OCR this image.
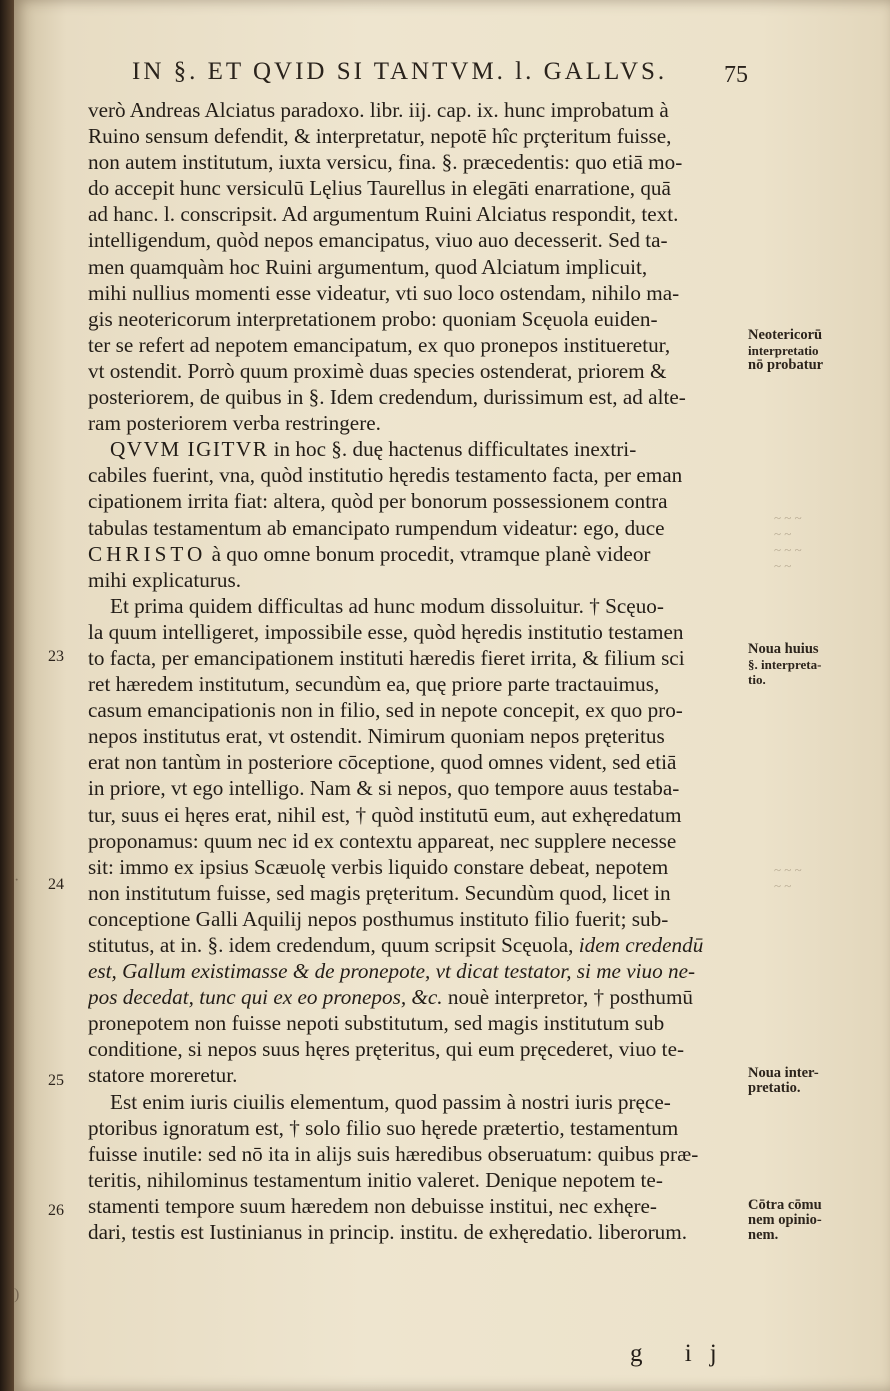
IN §. ET QVID SI TANTVM. l. GALLVS. 75
verò Andreas Alciatus paradoxo. libr. iij. cap. ix. hunc improbatum à
Ruino sensum defendit, & interpretatur, nepotē hîc prçteritum fuisse,
non autem institutum, iuxta versicu, fina. §. præcedentis: quo etiā mo-
do accepit hunc versiculū Lęlius Taurellus in elegāti enarratione, quā
ad hanc. l. conscripsit. Ad argumentum Ruini Alciatus respondit, text.
intelligendum, quòd nepos emancipatus, viuo auo decesserit. Sed ta-
men quamquàm hoc Ruini argumentum, quod Alciatum implicuit,
mihi nullius momenti esse videatur, vti suo loco ostendam, nihilo ma-
gis neotericorum interpretationem probo: quoniam Scęuola euiden-
ter se refert ad nepotem emancipatum, ex quo pronepos institueretur,
vt ostendit. Porrò quum proximè duas species ostenderat, priorem &
posteriorem, de quibus in §. Idem credendum, durissimum est, ad alte-
ram posteriorem verba restringere.
QVVM IGITVR in hoc §. duę hactenus difficultates inextri-
cabiles fuerint, vna, quòd institutio hęredis testamento facta, per eman
cipationem irrita fiat: altera, quòd per bonorum possessionem contra
tabulas testamentum ab emancipato rumpendum videatur: ego, duce
CHRISTO à quo omne bonum procedit, vtramque planè videor
mihi explicaturus.
Et prima quidem difficultas ad hunc modum dissoluitur. † Scęuo-
la quum intelligeret, impossibile esse, quòd hęredis institutio testamen
to facta, per emancipationem instituti hæredis fieret irrita, & filium sci
ret hæredem institutum, secundùm ea, quę priore parte tractauimus,
casum emancipationis non in filio, sed in nepote concepit, ex quo pro-
nepos institutus erat, vt ostendit. Nimirum quoniam nepos pręteritus
erat non tantùm in posteriore cōceptione, quod omnes vident, sed etiā
in priore, vt ego intelligo. Nam & si nepos, quo tempore auus testaba-
tur, suus ei hęres erat, nihil est, † quòd institutū eum, aut exhęredatum
proponamus: quum nec id ex contextu appareat, nec supplere necesse
sit: immo ex ipsius Scæuolę verbis liquido constare debeat, nepotem
non institutum fuisse, sed magis pręteritum. Secundùm quod, licet in
conceptione Galli Aquilij nepos posthumus instituto filio fuerit; sub-
stitutus, at in. §. idem credendum, quum scripsit Scęuola, idem credendū
est, Gallum existimasse & de pronepote, vt dicat testator, si me viuo ne-
pos decedat, tunc qui ex eo pronepos, &c. nouè interpretor, † posthumū
pronepotem non fuisse nepoti substitutum, sed magis institutum sub
conditione, si nepos suus hęres pręteritus, qui eum pręcederet, viuo te-
statore moreretur.
Est enim iuris ciuilis elementum, quod passim à nostri iuris pręce-
ptoribus ignoratum est, † solo filio suo hęrede prætertio, testamentum
fuisse inutile: sed nō ita in alijs suis hæredibus obseruatum: quibus præ-
teritis, nihilominus testamentum initio valeret. Denique nepotem te-
stamenti tempore suum hæredem non debuisse institui, nec exhęre-
dari, testis est Iustinianus in princip. institu. de exhęredatio. liberorum.
Neotericorū
interpretatio
nō probatur
Noua huius
§. interpreta-
tio.
Noua inter-
pretatio.
Cōtra cōmu
nem opinio-
nem.
23
24
25
26
~ ~ ~
~ ~
~ ~ ~
~ ~
~ ~ ~
~ ~
·
)
g ij
